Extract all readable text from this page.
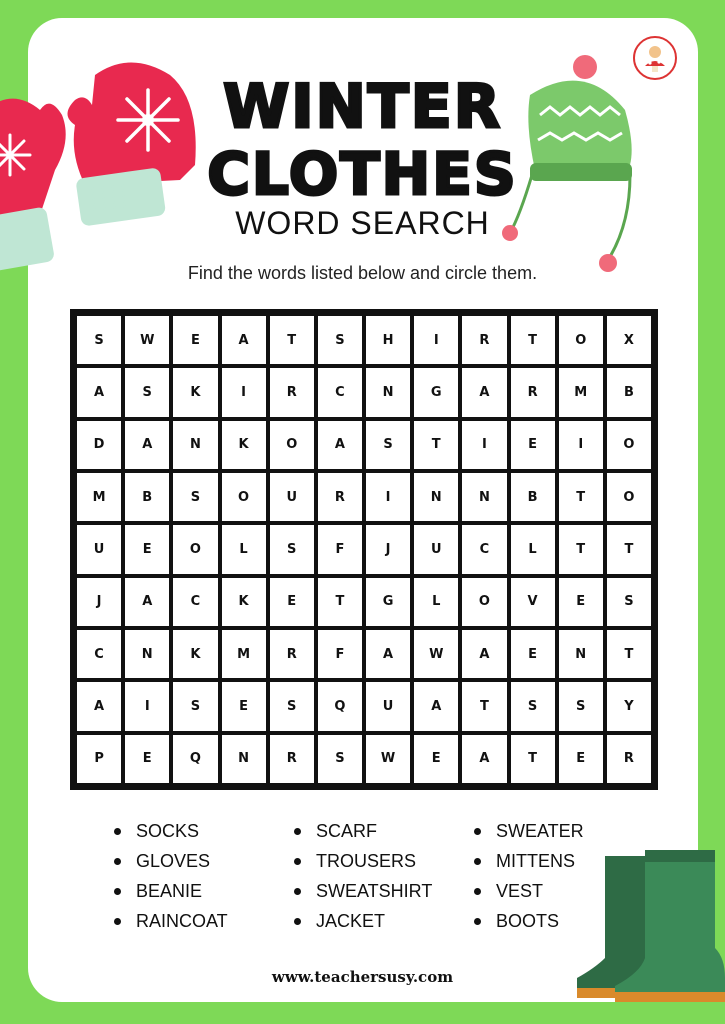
WINTER
CLOTHES
WORD SEARCH
Find the words listed below and circle them.
S	W	E	A	T	S	H	I	R	T	O	X
A	S	K	I	R	C	N	G	A	R	M	B
D	A	N	K	O	A	S	T	I	E	I	O
M	B	S	O	U	R	I	N	N	B	T	O
U	E	O	L	S	F	J	U	C	L	T	T
J	A	C	K	E	T	G	L	O	V	E	S
C	N	K	M	R	F	A	W	A	E	N	T
A	I	S	E	S	Q	U	A	T	S	S	Y
P	E	Q	N	R	S	W	E	A	T	E	R
SOCKS	SCARF	SWEATER
GLOVES	TROUSERS	MITTENS
BEANIE	SWEATSHIRT	VEST
RAINCOAT	JACKET	BOOTS
www.teachersusy.com
